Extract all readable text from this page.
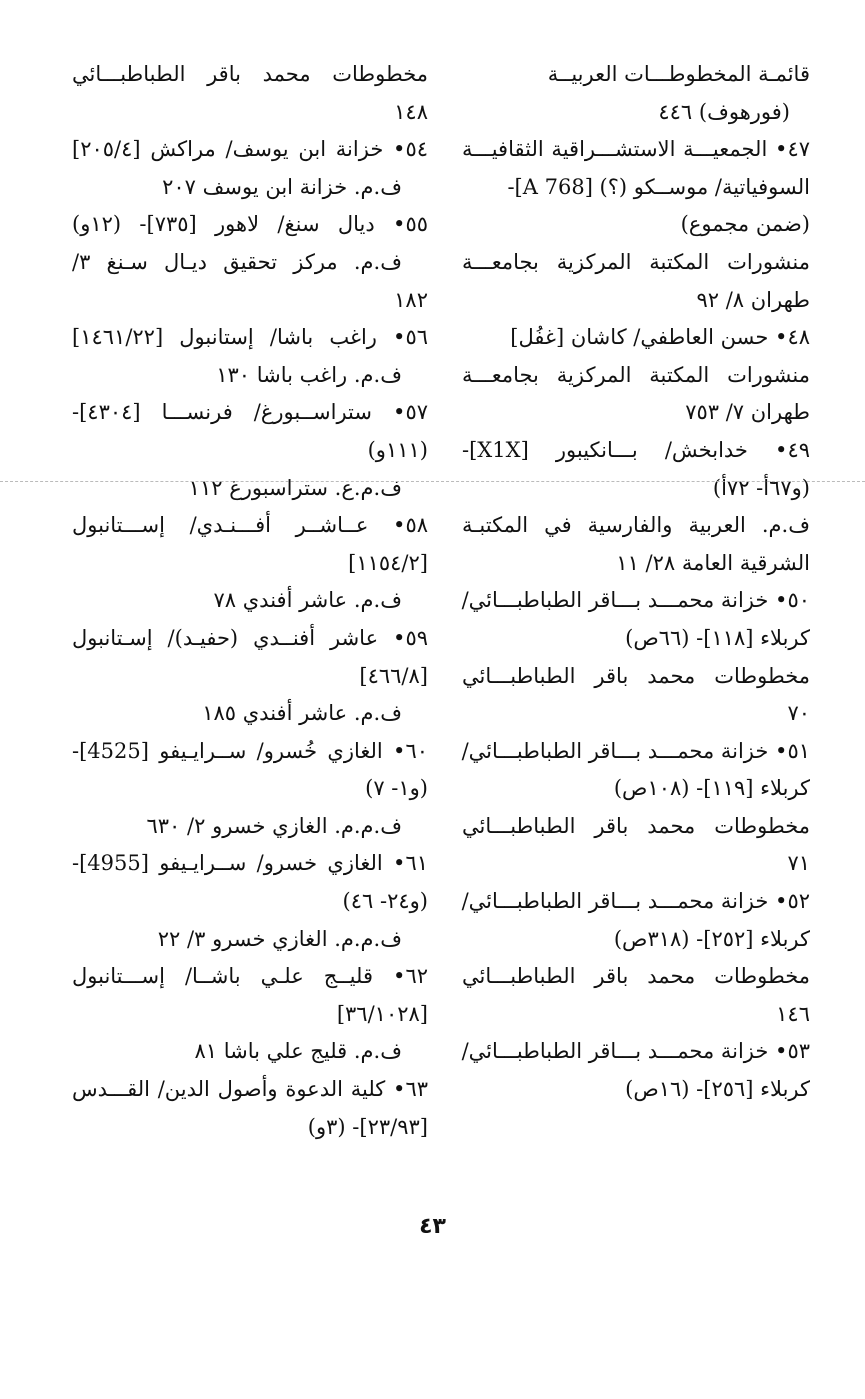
قائمـة المخطوطـــات العربيــة
(فورهوف) ٤٤٦
٤٧• الجمعيـــة الاستشـــراقية الثقافيـــة
السوفياتية/ موســكو (؟) [A 768]-
(ضمن مجموع)
منشورات المكتبة المركزية بجامعـــة
طهران ٨/ ٩٢
٤٨• حسن العاطفي/ كاشان [غفُل]
منشورات المكتبة المركزية بجامعـــة
طهران ٧/ ٧٥٣
٤٩• خدابخش/ بـــانكيبور [X1X]-
(و٦٧أ- ٧٢أ)
ف.م. العربية والفارسية في المكتبـة
الشرقية العامة ٢٨/ ١١
٥٠• خزانة محمـــد بـــاقر الطباطبـــائي/
كربلاء [١١٨]- (٦٦ص)
مخطوطات محمد باقر الطباطبـــائي
٧٠
٥١• خزانة محمـــد بـــاقر الطباطبـــائي/
كربلاء [١١٩]- (١٠٨ص)
مخطوطات محمد باقر الطباطبـــائي
٧١
٥٢• خزانة محمـــد بـــاقر الطباطبـــائي/
كربلاء [٢٥٢]- (٣١٨ص)
مخطوطات محمد باقر الطباطبـــائي
١٤٦
٥٣• خزانة محمـــد بـــاقر الطباطبـــائي/
كربلاء [٢٥٦]- (١٦ص)
مخطوطات محمد باقر الطباطبـــائي
١٤٨
٥٤• خزانة ابن يوسف/ مراكش [٢٠٥/٤]
ف.م. خزانة ابن يوسف ٢٠٧
٥٥• ديال سنغ/ لاهور [٧٣٥]- (١٢و)
ف.م. مركز تحقيق ديـال سـنغ ٣/
١٨٢
٥٦• راغب باشا/ إستانبول [١٤٦١/٢٢]
ف.م. راغب باشا ١٣٠
٥٧• ستراســبورغ/ فرنســـا [٤٣٠٤]-
(١١١و)
ف.م.ع. ستراسبورغ ١١٢
٥٨• عــاشــر أفـــنـدي/ إســـتانبول
[١١٥٤/٢]
ف.م. عاشر أفندي ٧٨
٥٩• عاشر أفنــدي (حفيـد)/ إسـتانبول
[٤٦٦/٨]
ف.م. عاشر أفندي ١٨٥
٦٠• الغازي خُسرو/ ســرايـيفو [4525]-
(و١- ٧)
ف.م.م. الغازي خسرو ٢/ ٦٣٠
٦١• الغازي خسرو/ ســرايـيفو [4955]-
(و٢٤- ٤٦)
ف.م.م. الغازي خسرو ٣/ ٢٢
٦٢• قليــج علـي باشــا/ إســـتانبول
[٣٦/١٠٢٨]
ف.م. قليج علي باشا ٨١
٦٣• كلية الدعوة وأصول الدين/ القـــدس
[٢٣/٩٣]- (٣و)
٤٣
